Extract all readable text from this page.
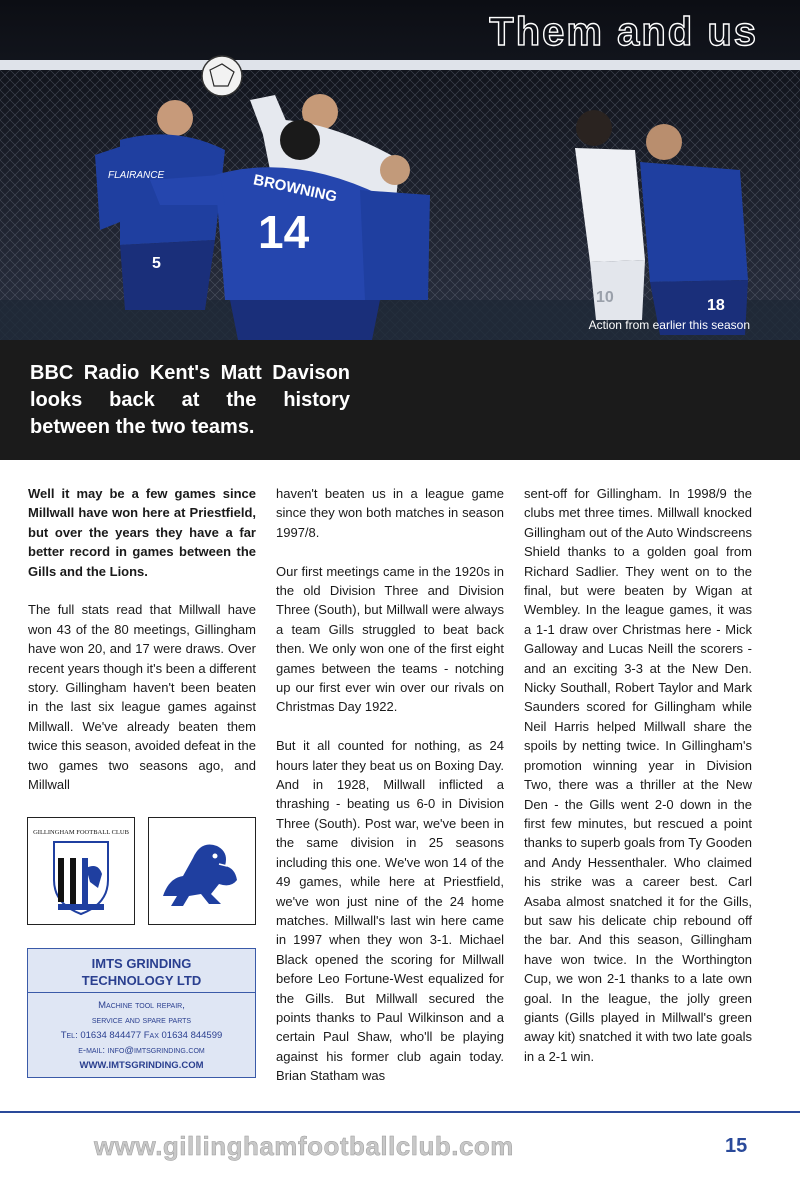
5
FLAIRANCE	BROWNING
14
10	18
Them and us
Action from earlier this season
BBC Radio Kent's Matt Davison looks back at the history between the two teams.

Well it may be a few games since Millwall have won here at Priestfield, but over the years they have a far better record in games between the Gills and the Lions.

The full stats read that Millwall have won 43 of the 80 meetings, Gillingham have won 20, and 17 were draws. Over recent years though it's been a different story. Gillingham haven't been beaten in the last six league games against Millwall. We've already beaten them twice this season, avoided defeat in the two games two seasons ago, and Millwall

haven't beaten us in a league game since they won both matches in season 1997/8.

Our first meetings came in the 1920s in the old Division Three and Division Three (South), but Millwall were always a team Gills struggled to beat back then. We only won one of the first eight games between the teams - notching up our first ever win over our rivals on Christmas Day 1922.

But it all counted for nothing, as 24 hours later they beat us on Boxing Day. And in 1928, Millwall inflicted a thrashing - beating us 6-0 in Division Three (South). Post war, we've been in the same division in 25 seasons including this one. We've won 14 of the 49 games, while here at Priestfield, we've won just nine of the 24 home matches. Millwall's last win here came in 1997 when they won 3-1. Michael Black opened the scoring for Millwall before Leo Fortune-West equalized for the Gills. But Millwall secured the points thanks to Paul Wilkinson and a certain Paul Shaw, who'll be playing against his former club again today. Brian Statham was

sent-off for Gillingham. In 1998/9 the clubs met three times. Millwall knocked Gillingham out of the Auto Windscreens Shield thanks to a golden goal from Richard Sadlier. They went on to the final, but were beaten by Wigan at Wembley. In the league games, it was a 1-1 draw over Christmas here - Mick Galloway and Lucas Neill the scorers - and an exciting 3-3 at the New Den. Nicky Southall, Robert Taylor and Mark Saunders scored for Gillingham while Neil Harris helped Millwall share the spoils by netting twice. In Gillingham's promotion winning year in Division Two, there was a thriller at the New Den - the Gills went 2-0 down in the first few minutes, but rescued a point thanks to superb goals from Ty Gooden and Andy Hessenthaler. Who claimed his strike was a career best. Carl Asaba almost snatched it for the Gills, but saw his delicate chip rebound off the bar. And this season, Gillingham have won twice. In the Worthington Cup, we won 2-1 thanks to a late own goal. In the league, the jolly green giants (Gills played in Millwall's green away kit) snatched it with two late goals in a 2-1 win.

GILLINGHAM FOOTBALL CLUB
IMTS GRINDING
TECHNOLOGY LTD
Machine tool repair,
service and spare parts
Tel: 01634 844477 Fax 01634 844599
e-mail: info@imtsgrinding.com
WWW.IMTSGRINDING.COM
www.gillinghamfootballclub.com	15
